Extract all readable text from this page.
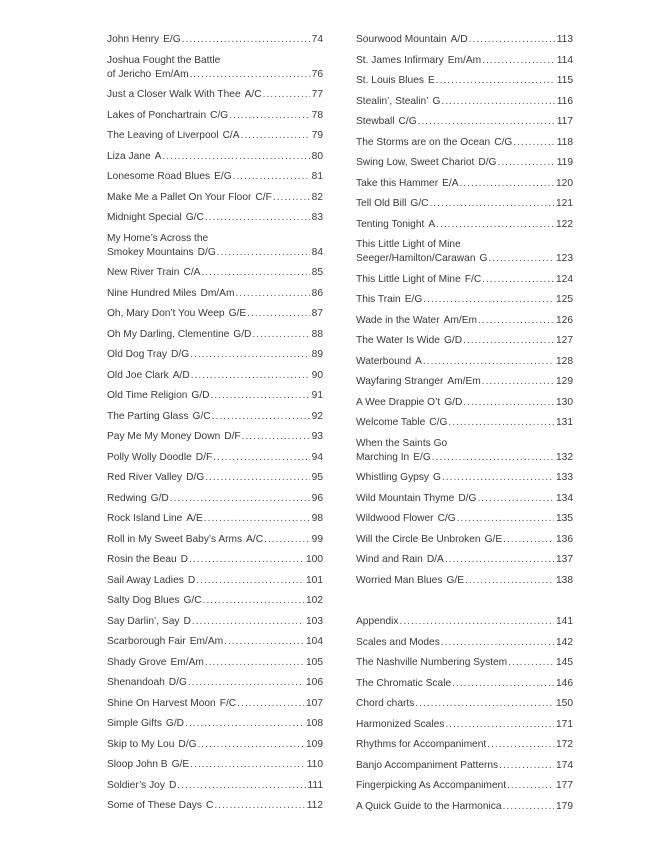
John Henry E/G .....	74
Joshua Fought the Battle
of Jericho Em/Am .....	76
Just a Closer Walk With Thee A/C .....	77
Lakes of Ponchartrain C/G .....	78
The Leaving of Liverpool C/A .....	79
Liza Jane A .....	80
Lonesome Road Blues E/G .....	81
Make Me a Pallet On Your Floor C/F .....	82
Midnight Special G/C .....	83
My Home’s Across the
Smokey Mountains D/G .....	84
New River Train C/A .....	85
Nine Hundred Miles Dm/Am .....	86
Oh, Mary Don’t You Weep G/E .....	87
Oh My Darling, Clementine G/D .....	88
Old Dog Tray D/G .....	89
Old Joe Clark A/D .....	90
Old Time Religion G/D .....	91
The Parting Glass G/C .....	92
Pay Me My Money Down D/F .....	93
Polly Wolly Doodle D/F .....	94
Red River Valley D/G .....	95
Redwing G/D .....	96
Rock Island Line A/E .....	98
Roll in My Sweet Baby’s Arms A/C .....	99
Rosin the Beau D .....	100
Sail Away Ladies D .....	101
Salty Dog Blues G/C .....	102
Say Darlin’, Say D .....	103
Scarborough Fair Em/Am .....	104
Shady Grove Em/Am .....	105
Shenandoah D/G .....	106
Shine On Harvest Moon F/C .....	107
Simple Gifts G/D .....	108
Skip to My Lou D/G .....	109
Sloop John B G/E .....	110
Soldier’s Joy D .....	111
Some of These Days C .....	112
Sourwood Mountain A/D .....	113
St. James Infirmary Em/Am .....	114
St. Louis Blues E .....	115
Stealin’, Stealin’ G .....	116
Stewball C/G .....	117
The Storms are on the Ocean C/G .....	118
Swing Low, Sweet Chariot D/G .....	119
Take this Hammer E/A .....	120
Tell Old Bill G/C .....	121
Tenting Tonight A .....	122
This Little Light of Mine
Seeger/Hamilton/Carawan G .....	123
This Little Light of Mine F/C .....	124
This Train E/G .....	125
Wade in the Water Am/Em .....	126
The Water Is Wide G/D .....	127
Waterbound A .....	128
Wayfaring Stranger Am/Em .....	129
A Wee Drappie O’t G/D .....	130
Welcome Table C/G .....	131
When the Saints Go
Marching In E/G .....	132
Whistling Gypsy G .....	133
Wild Mountain Thyme D/G .....	134
Wildwood Flower C/G .....	135
Will the Circle Be Unbroken G/E .....	136
Wind and Rain D/A .....	137
Worried Man Blues G/E .....	138
Appendix .....	141
Scales and Modes .....	142
The Nashville Numbering System .....	145
The Chromatic Scale .....	146
Chord charts .....	150
Harmonized Scales .....	171
Rhythms for Accompaniment .....	172
Banjo Accompaniment Patterns .....	174
Fingerpicking As Accompaniment .....	177
A Quick Guide to the Harmonica .....	179
